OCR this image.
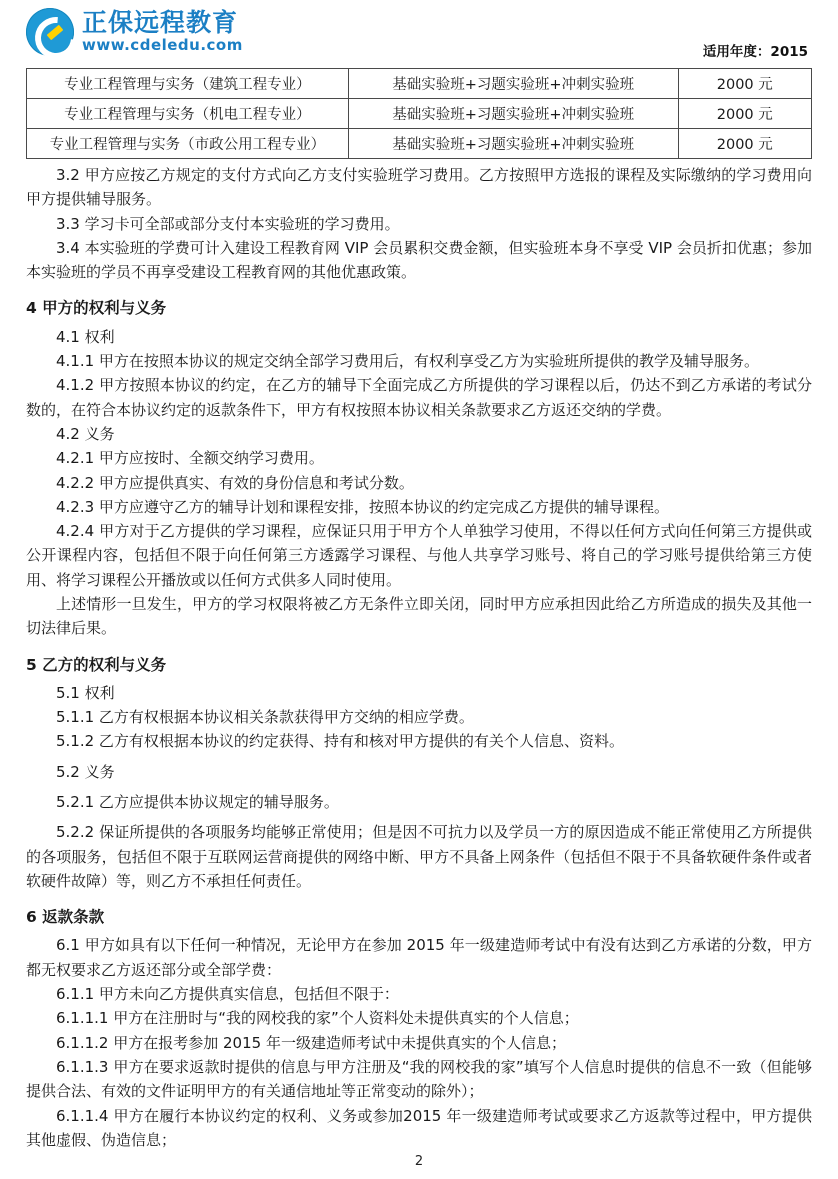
正保远程教育
www.cdeledu.com	适用年度：2015
专业工程管理与实务（建筑工程专业）	基础实验班+习题实验班+冲刺实验班	2000 元
专业工程管理与实务（机电工程专业）	基础实验班+习题实验班+冲刺实验班	2000 元
专业工程管理与实务（市政公用工程专业）	基础实验班+习题实验班+冲刺实验班	2000 元

3.2 甲方应按乙方规定的支付方式向乙方支付实验班学习费用。乙方按照甲方选报的课程及实际缴纳的学习费用向甲方提供辅导服务。

3.3 学习卡可全部或部分支付本实验班的学习费用。

3.4 本实验班的学费可计入建设工程教育网 VIP 会员累积交费金额，但实验班本身不享受 VIP 会员折扣优惠；参加本实验班的学员不再享受建设工程教育网的其他优惠政策。

4 甲方的权利与义务

4.1 权利

4.1.1 甲方在按照本协议的规定交纳全部学习费用后，有权利享受乙方为实验班所提供的教学及辅导服务。

4.1.2 甲方按照本协议的约定，在乙方的辅导下全面完成乙方所提供的学习课程以后，仍达不到乙方承诺的考试分数的，在符合本协议约定的返款条件下，甲方有权按照本协议相关条款要求乙方返还交纳的学费。

4.2 义务

4.2.1 甲方应按时、全额交纳学习费用。

4.2.2 甲方应提供真实、有效的身份信息和考试分数。

4.2.3 甲方应遵守乙方的辅导计划和课程安排，按照本协议的约定完成乙方提供的辅导课程。

4.2.4 甲方对于乙方提供的学习课程，应保证只用于甲方个人单独学习使用，不得以任何方式向任何第三方提供或公开课程内容，包括但不限于向任何第三方透露学习课程、与他人共享学习账号、将自己的学习账号提供给第三方使用、将学习课程公开播放或以任何方式供多人同时使用。

上述情形一旦发生，甲方的学习权限将被乙方无条件立即关闭，同时甲方应承担因此给乙方所造成的损失及其他一切法律后果。

5 乙方的权利与义务

5.1 权利

5.1.1 乙方有权根据本协议相关条款获得甲方交纳的相应学费。

5.1.2 乙方有权根据本协议的约定获得、持有和核对甲方提供的有关个人信息、资料。

5.2 义务

5.2.1 乙方应提供本协议规定的辅导服务。

5.2.2 保证所提供的各项服务均能够正常使用；但是因不可抗力以及学员一方的原因造成不能正常使用乙方所提供的各项服务，包括但不限于互联网运营商提供的网络中断、甲方不具备上网条件（包括但不限于不具备软硬件条件或者软硬件故障）等，则乙方不承担任何责任。

6 返款条款

6.1 甲方如具有以下任何一种情况，无论甲方在参加 2015 年一级建造师考试中有没有达到乙方承诺的分数，甲方都无权要求乙方返还部分或全部学费：

6.1.1 甲方未向乙方提供真实信息，包括但不限于：

6.1.1.1 甲方在注册时与“我的网校我的家”个人资料处未提供真实的个人信息；

6.1.1.2 甲方在报考参加 2015 年一级建造师考试中未提供真实的个人信息；

6.1.1.3 甲方在要求返款时提供的信息与甲方注册及“我的网校我的家”填写个人信息时提供的信息不一致（但能够提供合法、有效的文件证明甲方的有关通信地址等正常变动的除外）；

6.1.1.4 甲方在履行本协议约定的权利、义务或参加2015 年一级建造师考试或要求乙方返款等过程中，甲方提供其他虚假、伪造信息；

2
